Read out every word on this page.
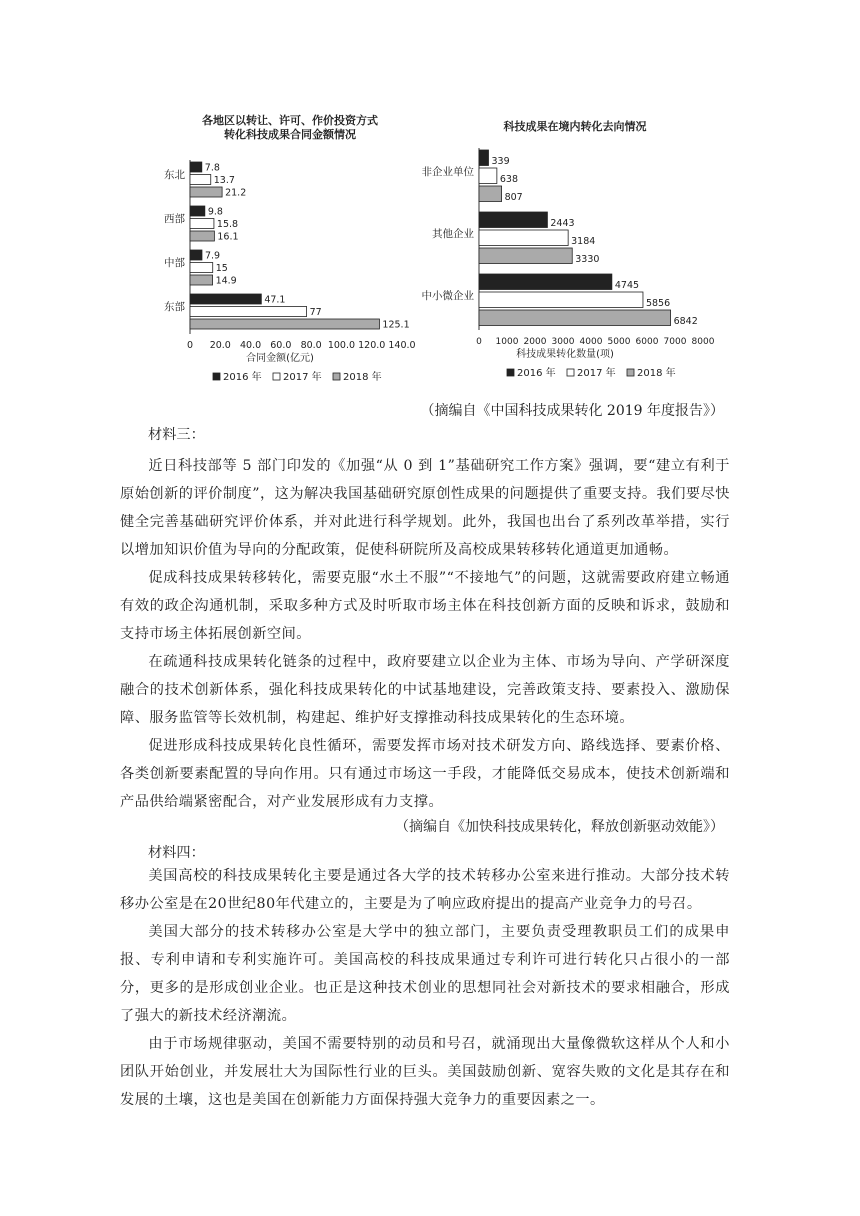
各地区以转让、许可、作价投资方式
转化科技成果合同金额情况
东北
7.8
13.7
21.2
西部
9.8
15.8
16.1
中部
7.9
15
14.9
东部
47.1
77
125.1
0 20.0 40.0 60.0 80.0 100.0 120.0 140.0
合同金额(亿元)
2016 年 2017 年 2018 年
科技成果在境内转化去向情况
非企业单位
339
638
807
其他企业
2443
3184
3330
中小微企业
4745
5856
6842
0 1000 2000 3000 4000 5000 6000 7000 8000
科技成果转化数量(项)
2016 年 2017 年 2018 年
（摘编自《中国科技成果转化 2019 年度报告》）
材料三：

近日科技部等 5 部门印发的《加强“从 0 到 1”基础研究工作方案》强调，要“建立有利于原始创新的评价制度”，这为解决我国基础研究原创性成果的问题提供了重要支持。我们要尽快健全完善基础研究评价体系，并对此进行科学规划。此外，我国也出台了系列改革举措，实行以增加知识价值为导向的分配政策，促使科研院所及高校成果转移转化通道更加通畅。

促成科技成果转移转化，需要克服“水土不服”“不接地气”的问题，这就需要政府建立畅通有效的政企沟通机制，采取多种方式及时听取市场主体在科技创新方面的反映和诉求，鼓励和支持市场主体拓展创新空间。

在疏通科技成果转化链条的过程中，政府要建立以企业为主体、市场为导向、产学研深度融合的技术创新体系，强化科技成果转化的中试基地建设，完善政策支持、要素投入、激励保障、服务监管等长效机制，构建起、维护好支撑推动科技成果转化的生态环境。

促进形成科技成果转化良性循环，需要发挥市场对技术研发方向、路线选择、要素价格、各类创新要素配置的导向作用。只有通过市场这一手段，才能降低交易成本，使技术创新端和产品供给端紧密配合，对产业发展形成有力支撑。

（摘编自《加快科技成果转化，释放创新驱动效能》）
材料四：

美国高校的科技成果转化主要是通过各大学的技术转移办公室来进行推动。大部分技术转移办公室是在20世纪80年代建立的，主要是为了响应政府提出的提高产业竞争力的号召。

美国大部分的技术转移办公室是大学中的独立部门，主要负责受理教职员工们的成果申报、专利申请和专利实施许可。美国高校的科技成果通过专利许可进行转化只占很小的一部分，更多的是形成创业企业。也正是这种技术创业的思想同社会对新技术的要求相融合，形成了强大的新技术经济潮流。

由于市场规律驱动，美国不需要特别的动员和号召，就涌现出大量像微软这样从个人和小团队开始创业，并发展壮大为国际性行业的巨头。美国鼓励创新、宽容失败的文化是其存在和发展的土壤，这也是美国在创新能力方面保持强大竞争力的重要因素之一。
